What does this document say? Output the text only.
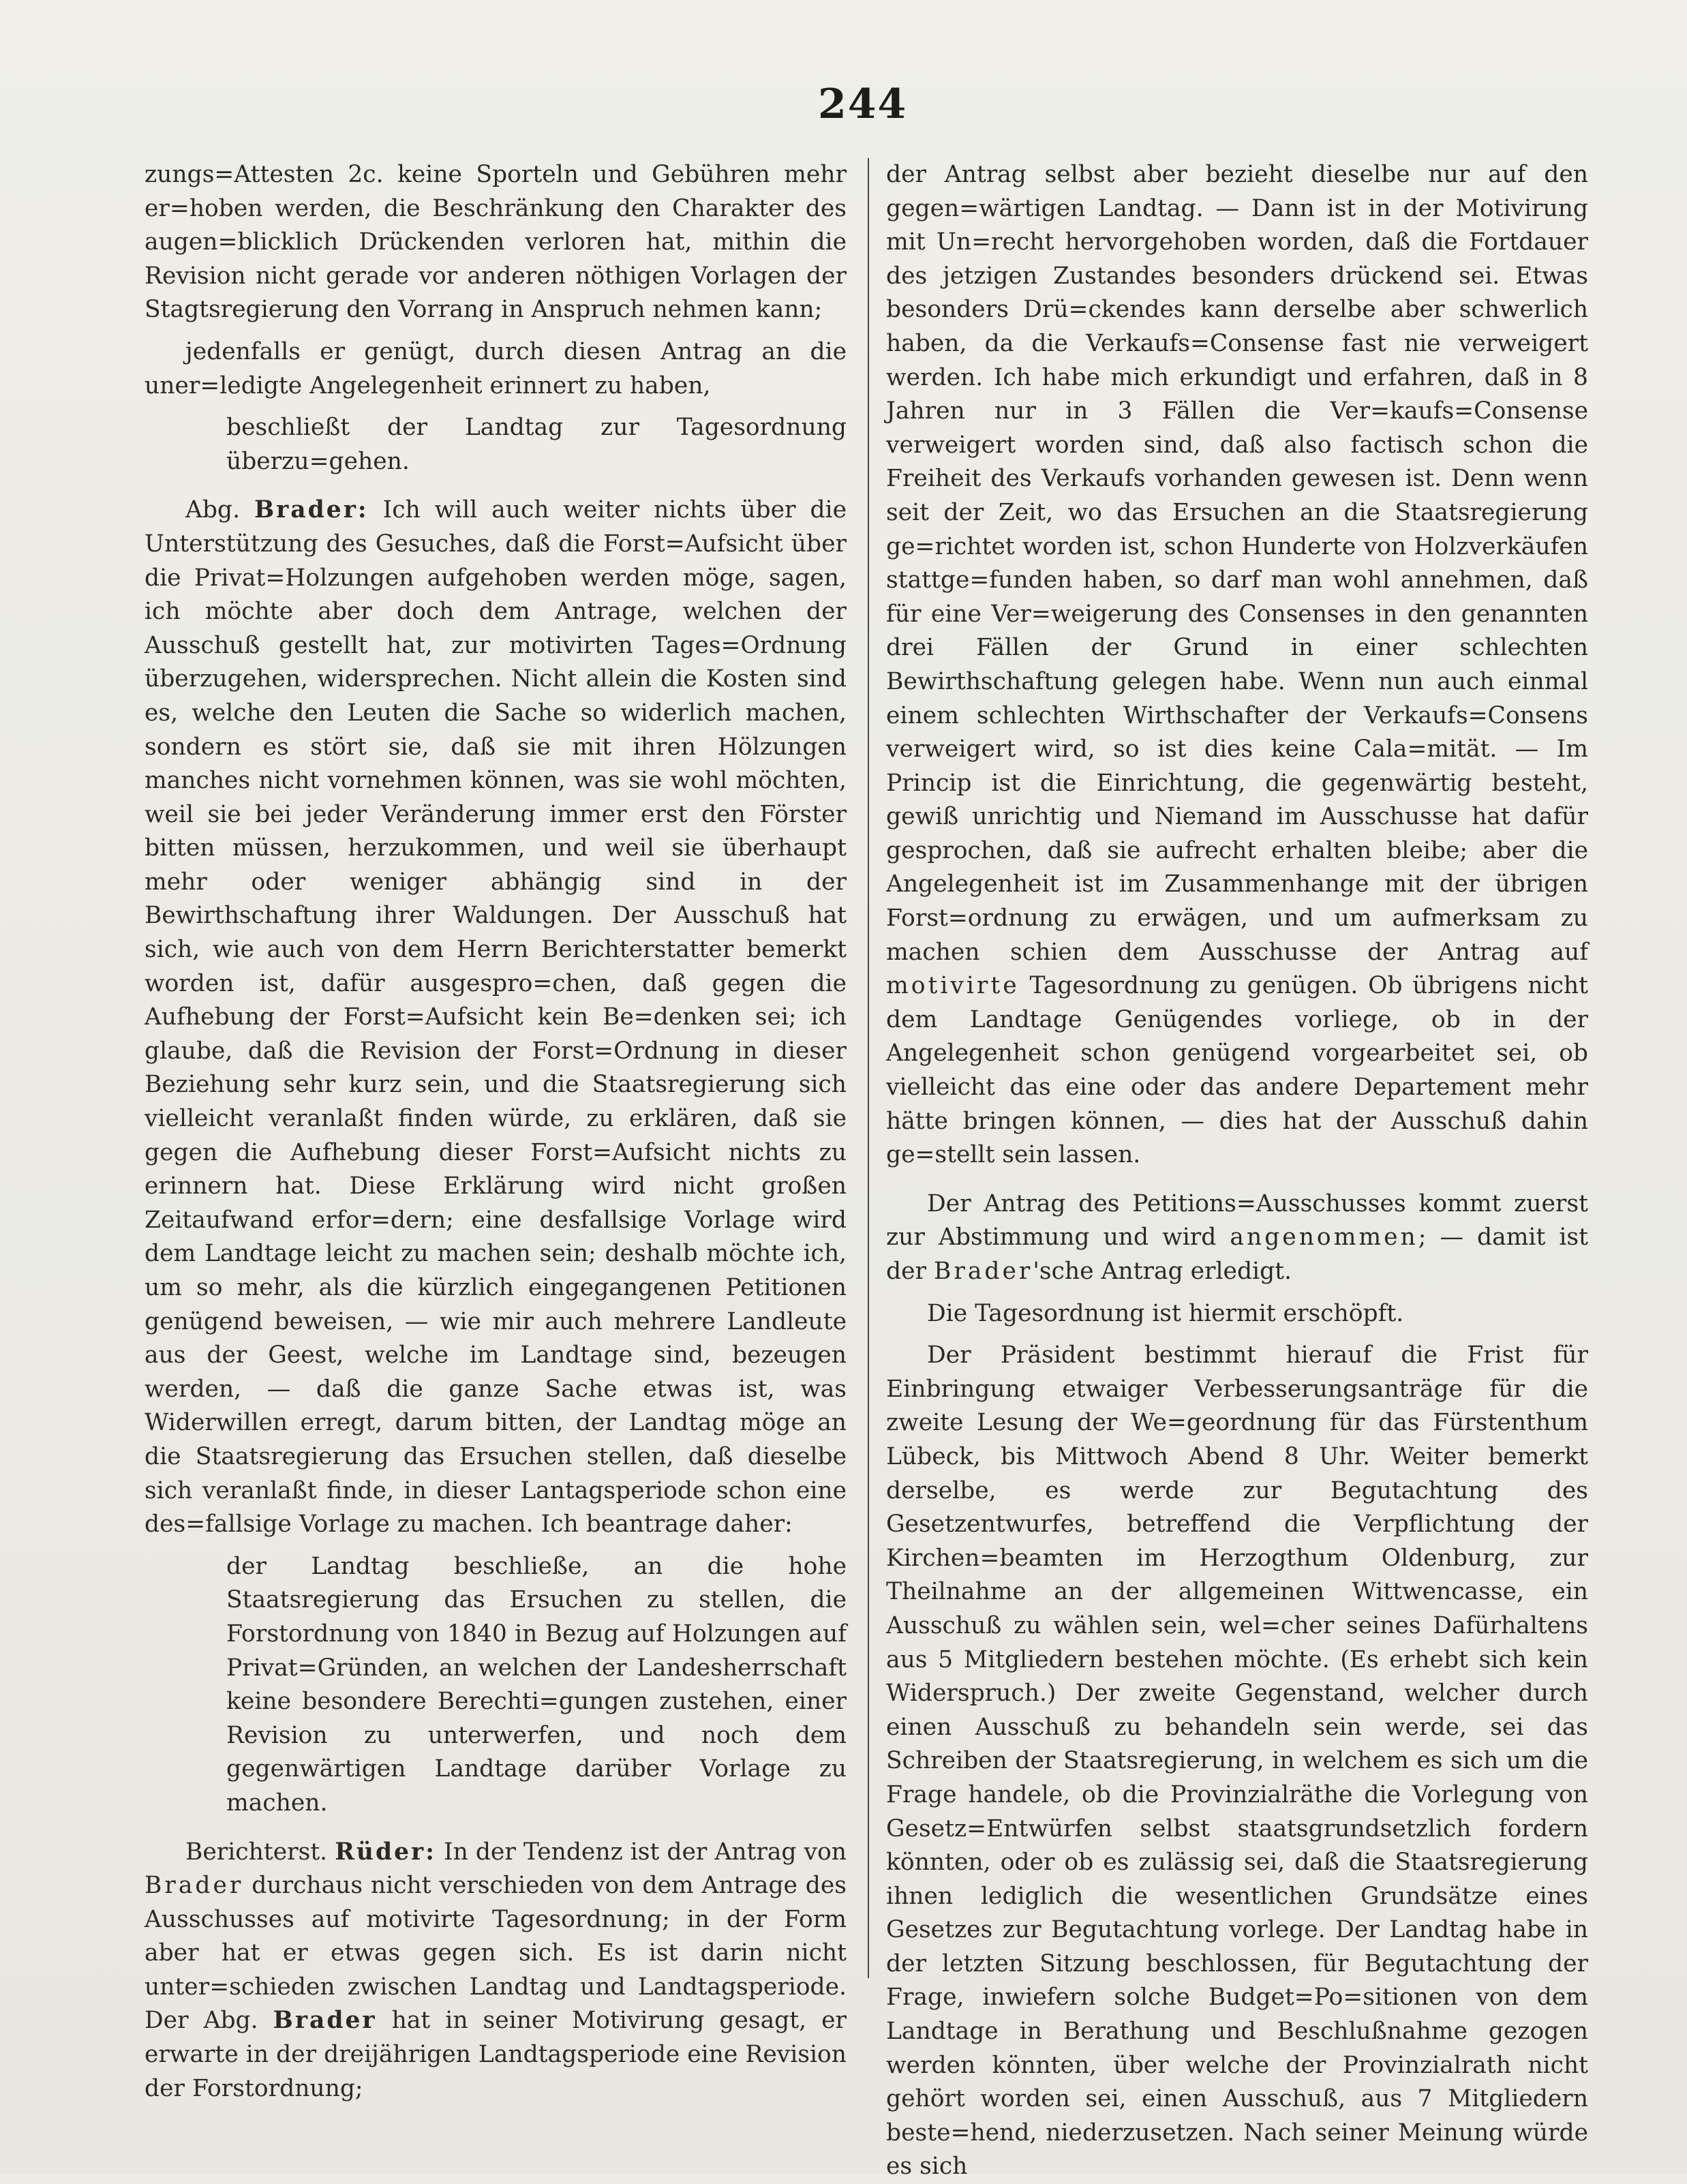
244

zungs=Attesten 2c. keine Sporteln und Gebühren mehr er=hoben werden, die Beschränkung den Charakter des augen=blicklich Drückenden verloren hat, mithin die Revision nicht gerade vor anderen nöthigen Vorlagen der Stagtsregierung den Vorrang in Anspruch nehmen kann;

jedenfalls er genügt, durch diesen Antrag an die uner=ledigte Angelegenheit erinnert zu haben,

beschließt der Landtag zur Tagesordnung überzu=gehen.

Abg. Brader: Ich will auch weiter nichts über die Unterstützung des Gesuches, daß die Forst=Aufsicht über die Privat=Holzungen aufgehoben werden möge, sagen, ich möchte aber doch dem Antrage, welchen der Ausschuß gestellt hat, zur motivirten Tages=Ordnung überzugehen, widersprechen. Nicht allein die Kosten sind es, welche den Leuten die Sache so widerlich machen, sondern es stört sie, daß sie mit ihren Hölzungen manches nicht vornehmen können, was sie wohl möchten, weil sie bei jeder Veränderung immer erst den Förster bitten müssen, herzukommen, und weil sie überhaupt mehr oder weniger abhängig sind in der Bewirthschaftung ihrer Waldungen. Der Ausschuß hat sich, wie auch von dem Herrn Berichterstatter bemerkt worden ist, dafür ausgespro=chen, daß gegen die Aufhebung der Forst=Aufsicht kein Be=denken sei; ich glaube, daß die Revision der Forst=Ordnung in dieser Beziehung sehr kurz sein, und die Staatsregierung sich vielleicht veranlaßt finden würde, zu erklären, daß sie gegen die Aufhebung dieser Forst=Aufsicht nichts zu erinnern hat. Diese Erklärung wird nicht großen Zeitaufwand erfor=dern; eine desfallsige Vorlage wird dem Landtage leicht zu machen sein; deshalb möchte ich, um so mehr, als die kürzlich eingegangenen Petitionen genügend beweisen, — wie mir auch mehrere Landleute aus der Geest, welche im Landtage sind, bezeugen werden, — daß die ganze Sache etwas ist, was Widerwillen erregt, darum bitten, der Landtag möge an die Staatsregierung das Ersuchen stellen, daß dieselbe sich veranlaßt finde, in dieser Lantagsperiode schon eine des=fallsige Vorlage zu machen. Ich beantrage daher:

der Landtag beschließe, an die hohe Staatsregierung das Ersuchen zu stellen, die Forstordnung von 1840 in Bezug auf Holzungen auf Privat=Gründen, an welchen der Landesherrschaft keine besondere Berechti=gungen zustehen, einer Revision zu unterwerfen, und noch dem gegenwärtigen Landtage darüber Vorlage zu machen.

Berichterst. Rüder: In der Tendenz ist der Antrag von Brader durchaus nicht verschieden von dem Antrage des Ausschusses auf motivirte Tagesordnung; in der Form aber hat er etwas gegen sich. Es ist darin nicht unter=schieden zwischen Landtag und Landtagsperiode. Der Abg. Brader hat in seiner Motivirung gesagt, er erwarte in der dreijährigen Landtagsperiode eine Revision der Forstordnung;

der Antrag selbst aber bezieht dieselbe nur auf den gegen=wärtigen Landtag. — Dann ist in der Motivirung mit Un=recht hervorgehoben worden, daß die Fortdauer des jetzigen Zustandes besonders drückend sei. Etwas besonders Drü=ckendes kann derselbe aber schwerlich haben, da die Verkaufs=Consense fast nie verweigert werden. Ich habe mich erkundigt und erfahren, daß in 8 Jahren nur in 3 Fällen die Ver=kaufs=Consense verweigert worden sind, daß also factisch schon die Freiheit des Verkaufs vorhanden gewesen ist. Denn wenn seit der Zeit, wo das Ersuchen an die Staatsregierung ge=richtet worden ist, schon Hunderte von Holzverkäufen stattge=funden haben, so darf man wohl annehmen, daß für eine Ver=weigerung des Consenses in den genannten drei Fällen der Grund in einer schlechten Bewirthschaftung gelegen habe. Wenn nun auch einmal einem schlechten Wirthschafter der Verkaufs=Consens verweigert wird, so ist dies keine Cala=mität. — Im Princip ist die Einrichtung, die gegenwärtig besteht, gewiß unrichtig und Niemand im Ausschusse hat dafür gesprochen, daß sie aufrecht erhalten bleibe; aber die Angelegenheit ist im Zusammenhange mit der übrigen Forst=ordnung zu erwägen, und um aufmerksam zu machen schien dem Ausschusse der Antrag auf motivirte Tagesordnung zu genügen. Ob übrigens nicht dem Landtage Genügendes vorliege, ob in der Angelegenheit schon genügend vorgearbeitet sei, ob vielleicht das eine oder das andere Departement mehr hätte bringen können, — dies hat der Ausschuß dahin ge=stellt sein lassen.

Der Antrag des Petitions=Ausschusses kommt zuerst zur Abstimmung und wird angenommen; — damit ist der Brader'sche Antrag erledigt.

Die Tagesordnung ist hiermit erschöpft.

Der Präsident bestimmt hierauf die Frist für Einbringung etwaiger Verbesserungsanträge für die zweite Lesung der We=geordnung für das Fürstenthum Lübeck, bis Mittwoch Abend 8 Uhr. Weiter bemerkt derselbe, es werde zur Begutachtung des Gesetzentwurfes, betreffend die Verpflichtung der Kirchen=beamten im Herzogthum Oldenburg, zur Theilnahme an der allgemeinen Wittwencasse, ein Ausschuß zu wählen sein, wel=cher seines Dafürhaltens aus 5 Mitgliedern bestehen möchte. (Es erhebt sich kein Widerspruch.) Der zweite Gegenstand, welcher durch einen Ausschuß zu behandeln sein werde, sei das Schreiben der Staatsregierung, in welchem es sich um die Frage handele, ob die Provinzialräthe die Vorlegung von Gesetz=Entwürfen selbst staatsgrundsetzlich fordern könnten, oder ob es zulässig sei, daß die Staatsregierung ihnen lediglich die wesentlichen Grundsätze eines Gesetzes zur Begutachtung vorlege. Der Landtag habe in der letzten Sitzung beschlossen, für Begutachtung der Frage, inwiefern solche Budget=Po=sitionen von dem Landtage in Berathung und Beschlußnahme gezogen werden könnten, über welche der Provinzialrath nicht gehört worden sei, einen Ausschuß, aus 7 Mitgliedern beste=hend, niederzusetzen. Nach seiner Meinung würde es sich
